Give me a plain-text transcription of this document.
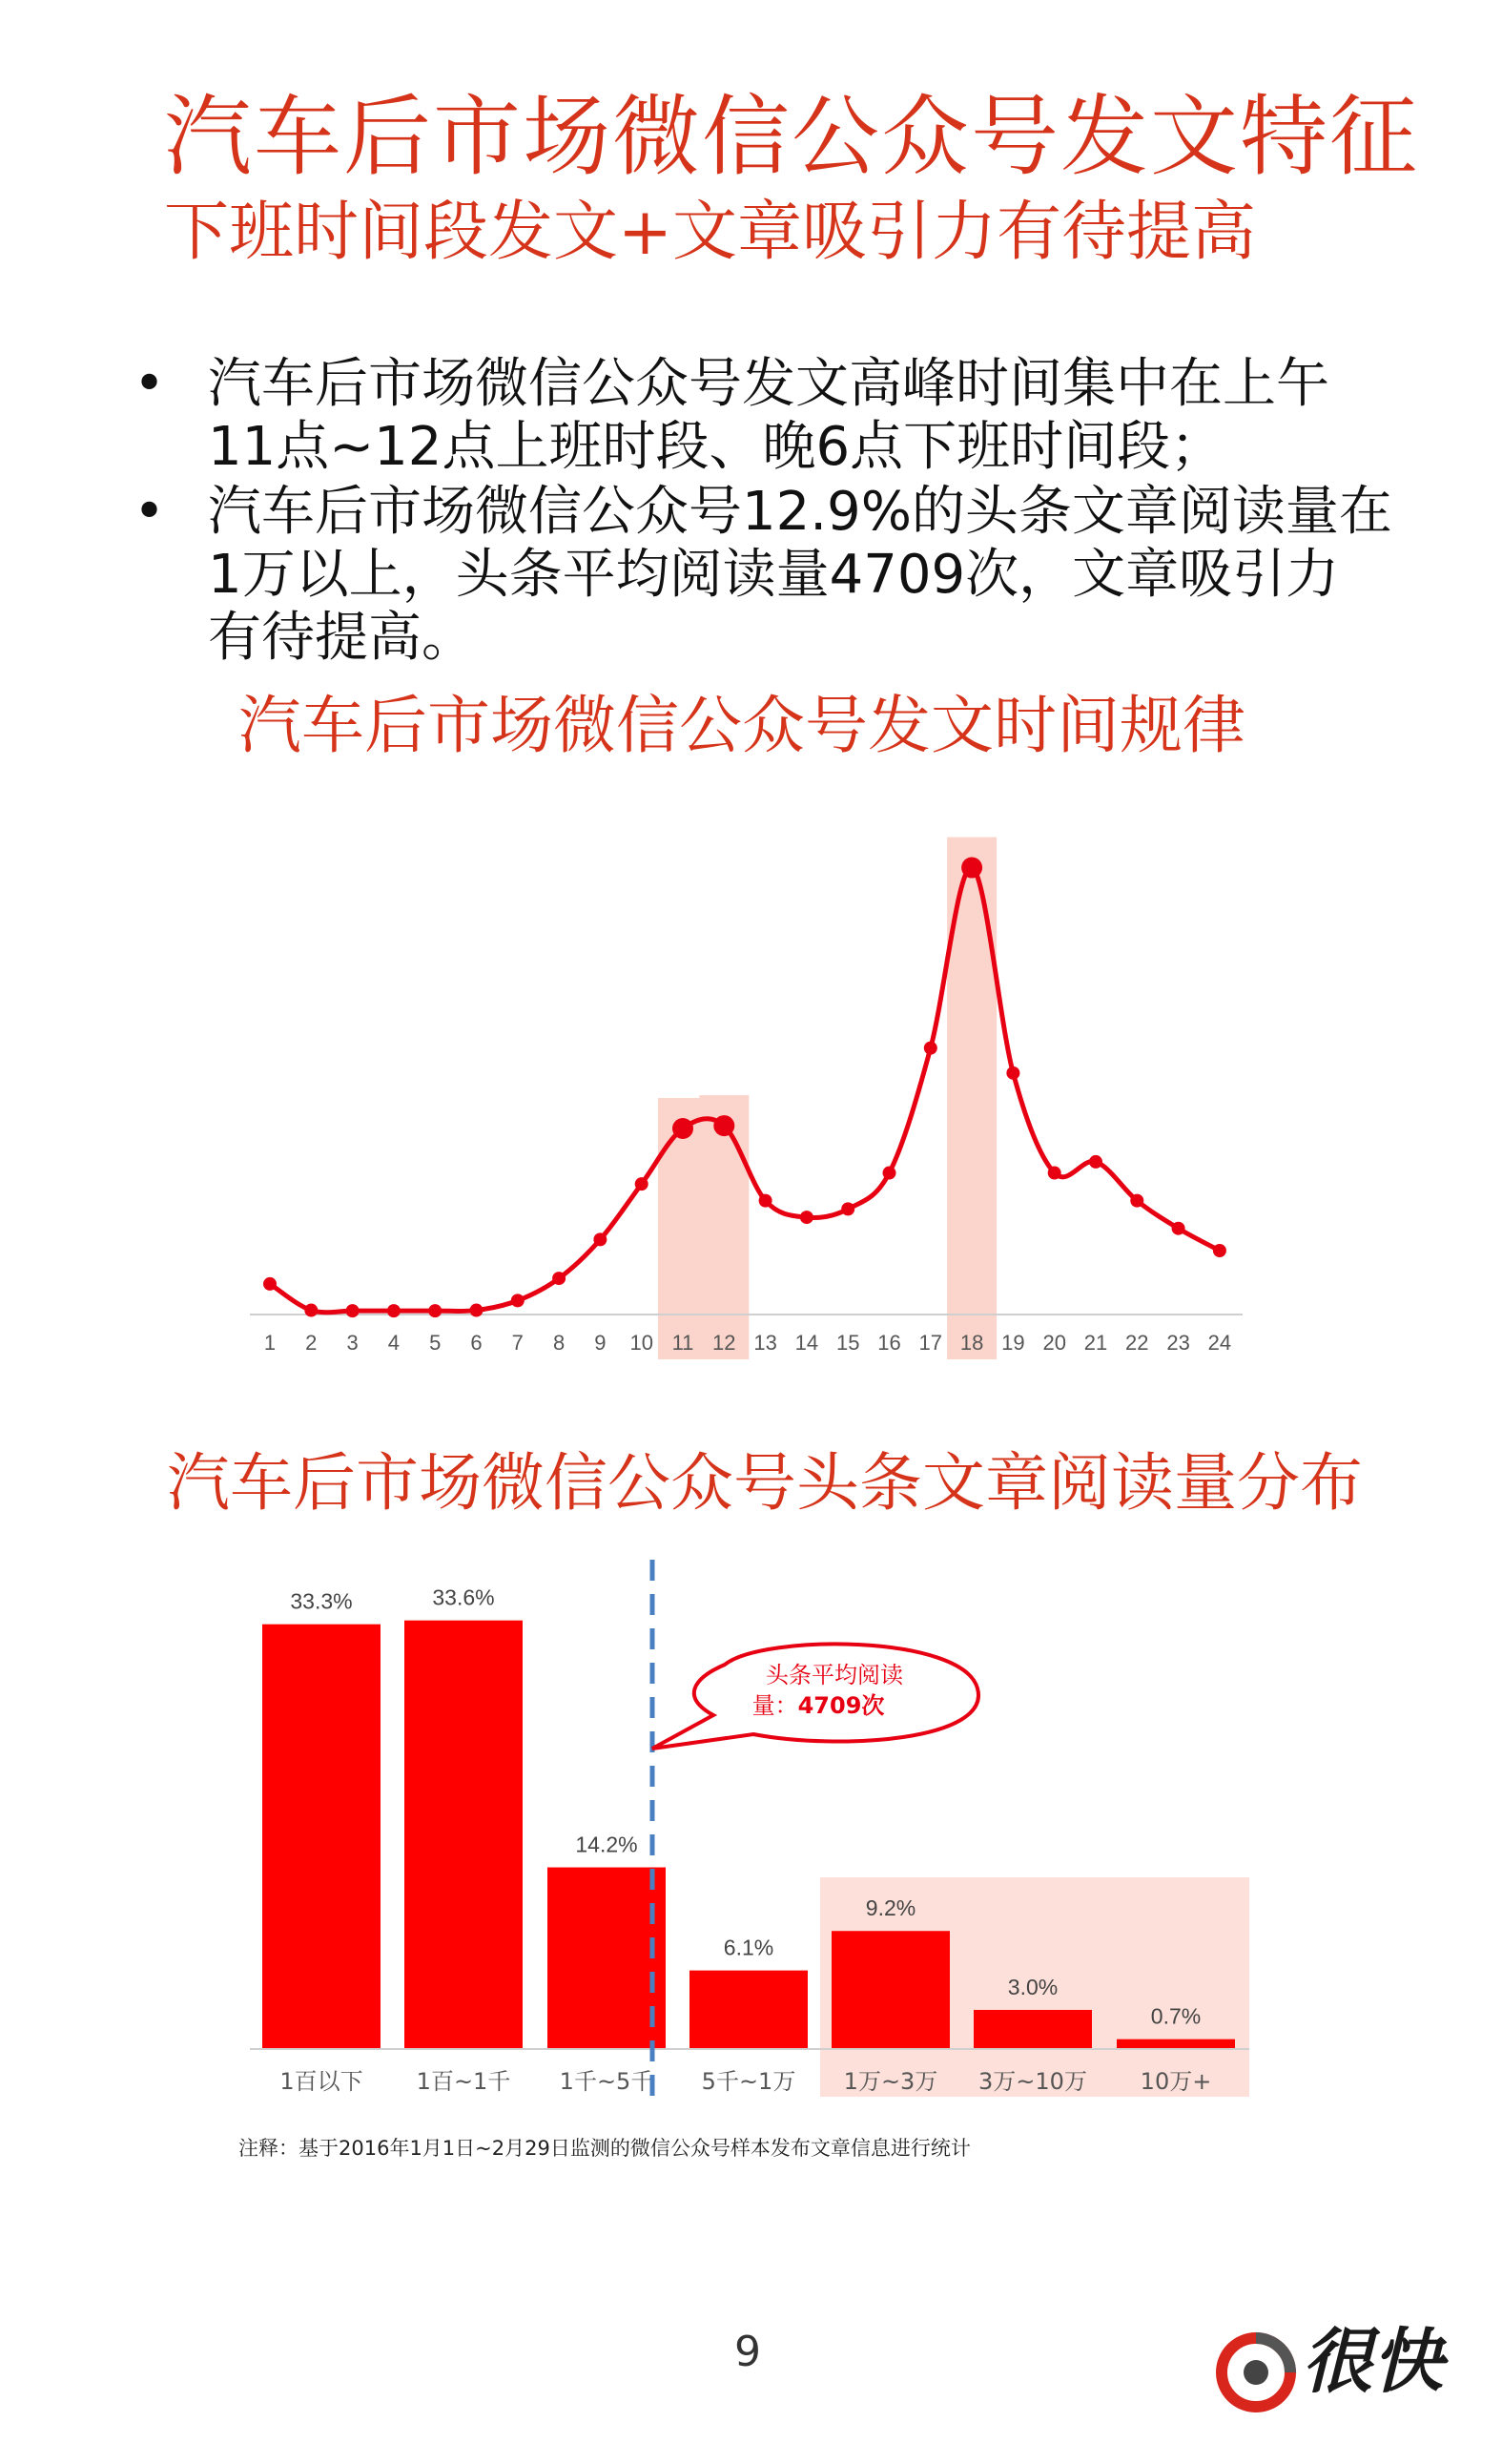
汽车后市场微信公众号发文特征
下班时间段发文+文章吸引力有待提高
• 汽车后市场微信公众号发文高峰时间集中在上午11点~12点上班时段、晚6点下班时间段；
• 汽车后市场微信公众号12.9%的头条文章阅读量在1万以上，头条平均阅读量4709次，文章吸引力有待提高。
汽车后市场微信公众号发文时间规律
1 2 3 4 5 6 7 8 9 10 11 12 13 14 15 16 17 18 19 20 21 22 23 24
汽车后市场微信公众号头条文章阅读量分布
33.3%
1百以下
33.6%
1百~1千
14.2%
1千~5千
6.1%
5千~1万
9.2%
1万~3万
3.0%
3万~10万
0.7%
10万+
头条平均阅读
量：4709次
注释：基于2016年1月1日~2月29日监测的微信公众号样本发布文章信息进行统计
9	很快
